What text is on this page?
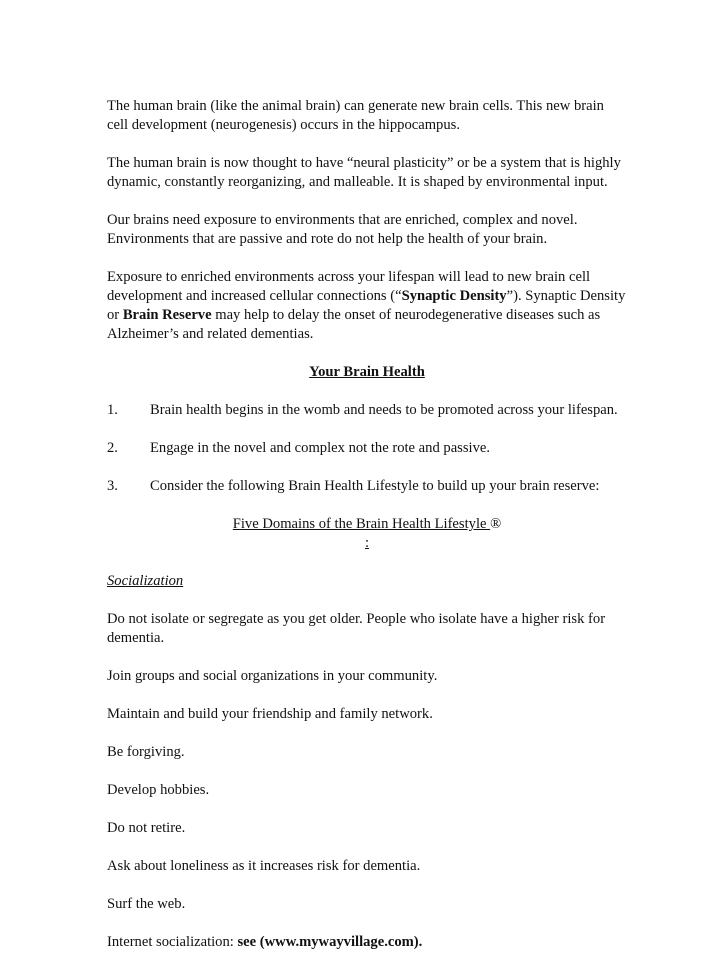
The human brain (like the animal brain) can generate new brain cells. This new brain cell development (neurogenesis) occurs in the hippocampus.

The human brain is now thought to have “neural plasticity” or be a system that is highly dynamic, constantly reorganizing, and malleable. It is shaped by environmental input.

Our brains need exposure to environments that are enriched, complex and novel. Environments that are passive and rote do not help the health of your brain.

Exposure to enriched environments across your lifespan will lead to new brain cell development and increased cellular connections (“Synaptic Density”). Synaptic Density or Brain Reserve may help to delay the onset of neurodegenerative diseases such as Alzheimer’s and related dementias.

Your Brain Health

1.	Brain health begins in the womb and needs to be promoted across your lifespan.
2.	Engage in the novel and complex not the rote and passive.
3.	Consider the following Brain Health Lifestyle to build up your brain reserve:
Five Domains of the Brain Health Lifestyle ®
:

Socialization

Do not isolate or segregate as you get older. People who isolate have a higher risk for dementia.

Join groups and social organizations in your community.

Maintain and build your friendship and family network.

Be forgiving.

Develop hobbies.

Do not retire.

Ask about loneliness as it increases risk for dementia.

Surf the web.

Internet socialization: see (www.mywayvillage.com).
